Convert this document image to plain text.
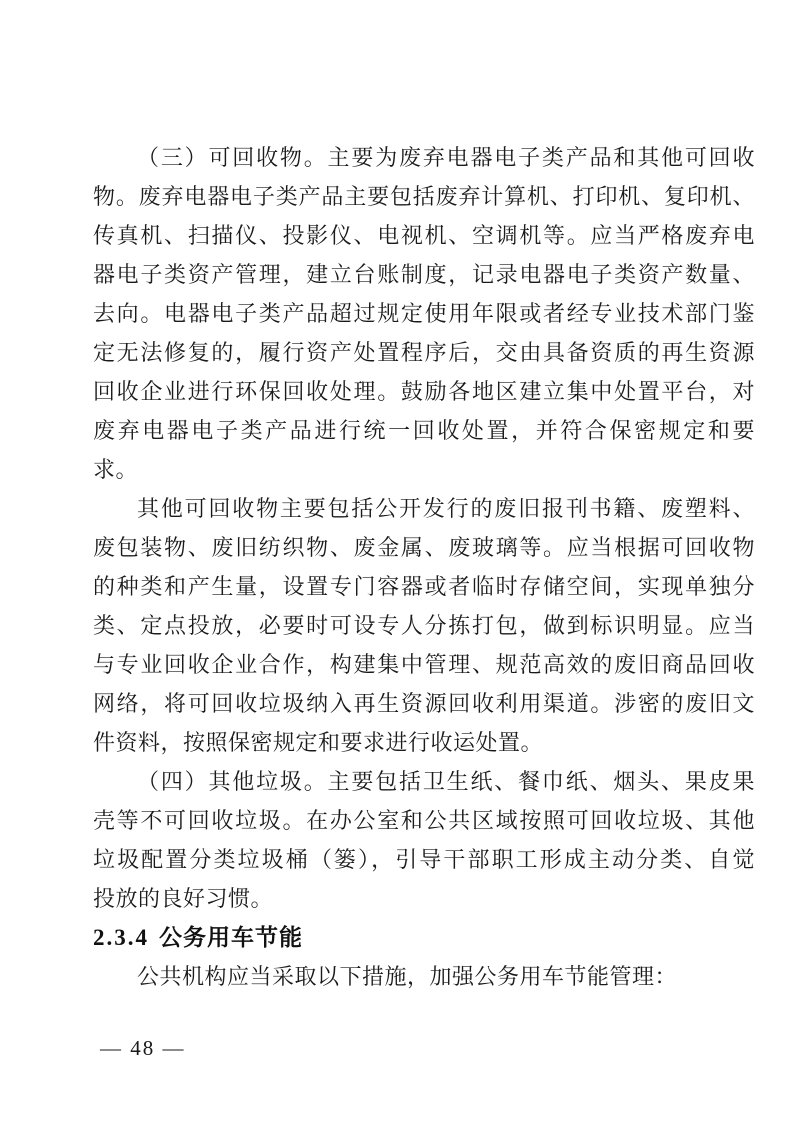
（三）可回收物。主要为废弃电器电子类产品和其他可回收
物。废弃电器电子类产品主要包括废弃计算机、打印机、复印机、
传真机、扫描仪、投影仪、电视机、空调机等。应当严格废弃电
器电子类资产管理，建立台账制度，记录电器电子类资产数量、
去向。电器电子类产品超过规定使用年限或者经专业技术部门鉴
定无法修复的，履行资产处置程序后，交由具备资质的再生资源
回收企业进行环保回收处理。鼓励各地区建立集中处置平台，对
废弃电器电子类产品进行统一回收处置，并符合保密规定和要
求。
其他可回收物主要包括公开发行的废旧报刊书籍、废塑料、
废包装物、废旧纺织物、废金属、废玻璃等。应当根据可回收物
的种类和产生量，设置专门容器或者临时存储空间，实现单独分
类、定点投放，必要时可设专人分拣打包，做到标识明显。应当
与专业回收企业合作，构建集中管理、规范高效的废旧商品回收
网络，将可回收垃圾纳入再生资源回收利用渠道。涉密的废旧文
件资料，按照保密规定和要求进行收运处置。
（四）其他垃圾。主要包括卫生纸、餐巾纸、烟头、果皮果
壳等不可回收垃圾。在办公室和公共区域按照可回收垃圾、其他
垃圾配置分类垃圾桶（篓），引导干部职工形成主动分类、自觉
投放的良好习惯。
2.3.4 公务用车节能
公共机构应当采取以下措施，加强公务用车节能管理：
— 48 —
